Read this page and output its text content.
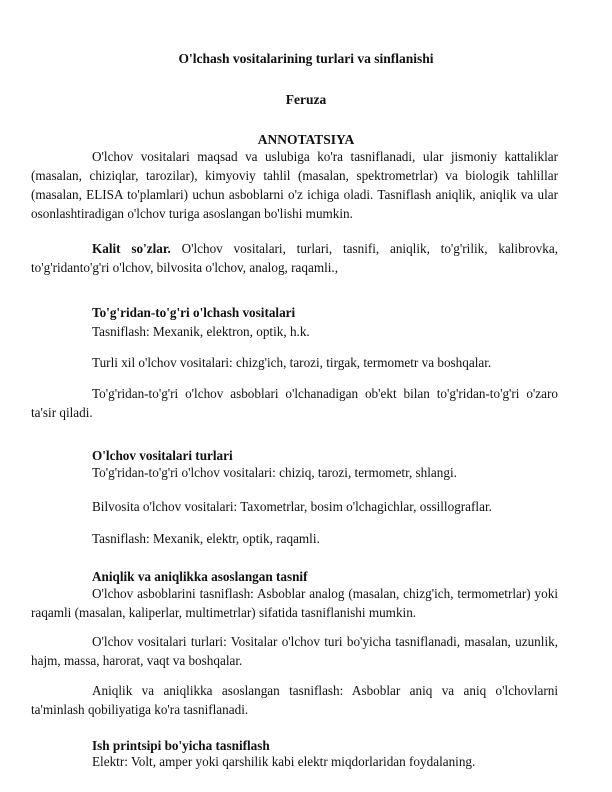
O'lchash vositalarining turlari va sinflanishi
Feruza
ANNOTATSIYA
O'lchov vositalari maqsad va uslubiga ko'ra tasniflanadi, ular jismoniy kattaliklar (masalan, chiziqlar, tarozilar), kimyoviy tahlil (masalan, spektrometrlar) va biologik tahlillar (masalan, ELISA to'plamlari) uchun asboblarni o'z ichiga oladi. Tasniflash aniqlik, aniqlik va ular osonlashtiradigan o'lchov turiga asoslangan bo'lishi mumkin.
Kalit so'zlar. O'lchov vositalari, turlari, tasnifi, aniqlik, to'g'rilik, kalibrovka, to'g'ridanto'g'ri o'lchov, bilvosita o'lchov, analog, raqamli.,
To'g'ridan-to'g'ri o'lchash vositalari
Tasniflash: Mexanik, elektron, optik, h.k.
Turli xil o'lchov vositalari: chizg'ich, tarozi, tirgak, termometr va boshqalar.
To'g'ridan-to'g'ri o'lchov asboblari o'lchanadigan ob'ekt bilan to'g'ridan-to'g'ri o'zaro ta'sir qiladi.
O'lchov vositalari turlari
To'g'ridan-to'g'ri o'lchov vositalari: chiziq, tarozi, termometr, shlangi.
Bilvosita o'lchov vositalari: Taxometrlar, bosim o'lchagichlar, ossillograflar.
Tasniflash: Mexanik, elektr, optik, raqamli.
Aniqlik va aniqlikka asoslangan tasnif
O'lchov asboblarini tasniflash: Asboblar analog (masalan, chizg'ich, termometrlar) yoki raqamli (masalan, kaliperlar, multimetrlar) sifatida tasniflanishi mumkin.
O'lchov vositalari turlari: Vositalar o'lchov turi bo'yicha tasniflanadi, masalan, uzunlik, hajm, massa, harorat, vaqt va boshqalar.
Aniqlik va aniqlikka asoslangan tasniflash: Asboblar aniq va aniq o'lchovlarni ta'minlash qobiliyatiga ko'ra tasniflanadi.
Ish printsipi bo'yicha tasniflash
Elektr: Volt, amper yoki qarshilik kabi elektr miqdorlaridan foydalaning.
